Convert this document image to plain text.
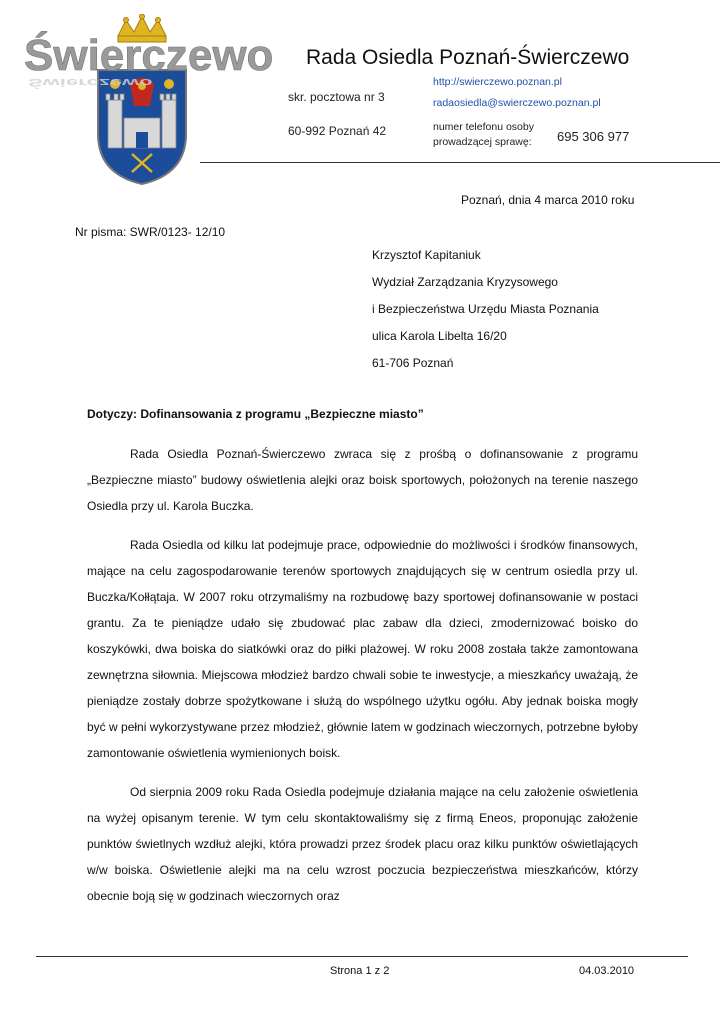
Świerczewo
Świerczewo
Rada Osiedla Poznań-Świerczewo
http://swierczewo.poznan.pl
skr. pocztowa nr 3	radaosiedla@swierczewo.poznan.pl
numer telefonu osoby
prowadzącej sprawę:
60-992 Poznań 42	695 306 977
Poznań, dnia 4 marca 2010 roku
Nr pisma: SWR/0123- 12/10
Krzysztof Kapitaniuk
Wydział Zarządzania Kryzysowego
i Bezpieczeństwa Urzędu Miasta Poznania
ulica Karola Libelta 16/20
61-706 Poznań
Dotyczy: Dofinansowania z programu „Bezpieczne miasto”

Rada Osiedla Poznań-Świerczewo zwraca się z prośbą o dofinansowanie z programu „Bezpieczne miasto” budowy oświetlenia alejki oraz boisk sportowych, położonych na terenie naszego Osiedla przy ul. Karola Buczka.

Rada Osiedla od kilku lat podejmuje prace, odpowiednie do możliwości i środków finansowych, mające na celu zagospodarowanie terenów sportowych znajdujących się w centrum osiedla przy ul. Buczka/Kołłątaja. W 2007 roku otrzymaliśmy na rozbudowę bazy sportowej dofinansowanie w postaci grantu. Za te pieniądze udało się zbudować plac zabaw dla dzieci, zmodernizować boisko do koszykówki, dwa boiska do siatkówki oraz do piłki plażowej. W roku 2008 została także zamontowana zewnętrzna siłownia. Miejscowa młodzież bardzo chwali sobie te inwestycje, a mieszkańcy uważają, że pieniądze zostały dobrze spożytkowane i służą do wspólnego użytku ogółu. Aby jednak boiska mogły być w pełni wykorzystywane przez młodzież, głównie latem w godzinach wieczornych, potrzebne byłoby zamontowanie oświetlenia wymienionych boisk.

Od sierpnia 2009 roku Rada Osiedla podejmuje działania mające na celu założenie oświetlenia na wyżej opisanym terenie. W tym celu skontaktowaliśmy się z firmą Eneos, proponując założenie punktów świetlnych wzdłuż alejki, która prowadzi przez środek placu oraz kilku punktów oświetlających w/w boiska. Oświetlenie alejki ma na celu wzrost poczucia bezpieczeństwa mieszkańców, którzy obecnie boją się w godzinach wieczornych oraz

Strona 1 z 2	04.03.2010
